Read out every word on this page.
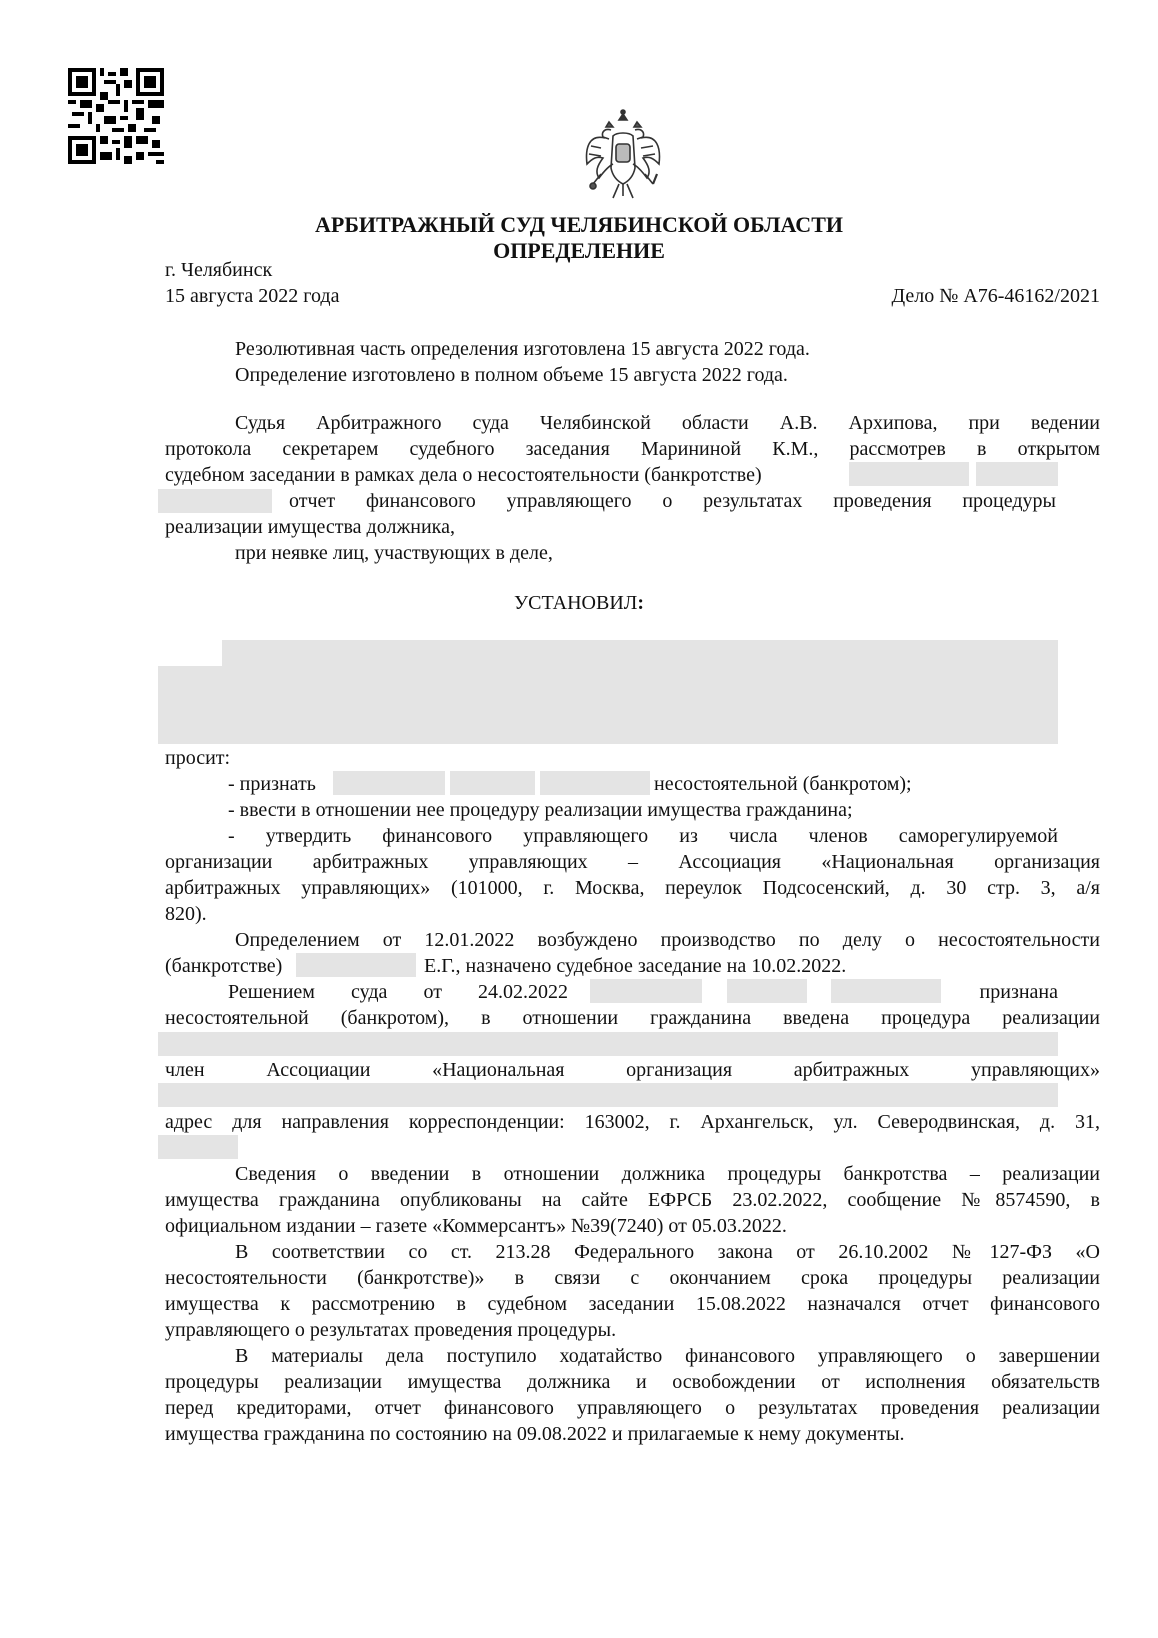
АРБИТРАЖНЫЙ СУД ЧЕЛЯБИНСКОЙ ОБЛАСТИ
ОПРЕДЕЛЕНИЕ
г. Челябинск
15 августа 2022 года	Дело № А76-46162/2021
Резолютивная часть определения изготовлена 15 августа 2022 года.
Определение изготовлено в полном объеме 15 августа 2022 года.
Судья Арбитражного суда Челябинской области А.В. Архипова, при ведении
протокола секретарем судебного заседания Марининой К.М., рассмотрев в открытом
судебном заседании в рамках дела о несостоятельности (банкротстве)
отчет финансового управляющего о результатах проведения процедуры
реализации имущества должника,
при неявке лиц, участвующих в деле,
УСТАНОВИЛ:
просит:
- признать	несостоятельной (банкротом);
- ввести в отношении нее процедуру реализации имущества гражданина;
- утвердить финансового управляющего из числа членов саморегулируемой
организации арбитражных управляющих – Ассоциация «Национальная организация
арбитражных управляющих» (101000, г. Москва, переулок Подсосенский, д. 30 стр. 3, а/я
820).
Определением от 12.01.2022 возбуждено производство по делу о несостоятельности
(банкротстве)	Е.Г., назначено судебное заседание на 10.02.2022.
Решением суда от 24.02.2022	признана
несостоятельной (банкротом), в отношении гражданина введена процедура реализации
член Ассоциации «Национальная организация арбитражных управляющих»
адрес для направления корреспонденции: 163002, г. Архангельск, ул. Северодвинская, д. 31,
Сведения о введении в отношении должника процедуры банкротства – реализации
имущества гражданина опубликованы на сайте ЕФРСБ 23.02.2022, сообщение №8574590, в
официальном издании – газете «Коммерсантъ» №39(7240) от 05.03.2022.
В соответствии со ст. 213.28 Федерального закона от 26.10.2002 №127-ФЗ «О
несостоятельности (банкротстве)» в связи с окончанием срока процедуры реализации
имущества к рассмотрению в судебном заседании 15.08.2022 назначался отчет финансового
управляющего о результатах проведения процедуры.
В материалы дела поступило ходатайство финансового управляющего о завершении
процедуры реализации имущества должника и освобождении от исполнения обязательств
перед кредиторами, отчет финансового управляющего о результатах проведения реализации
имущества гражданина по состоянию на 09.08.2022 и прилагаемые к нему документы.
